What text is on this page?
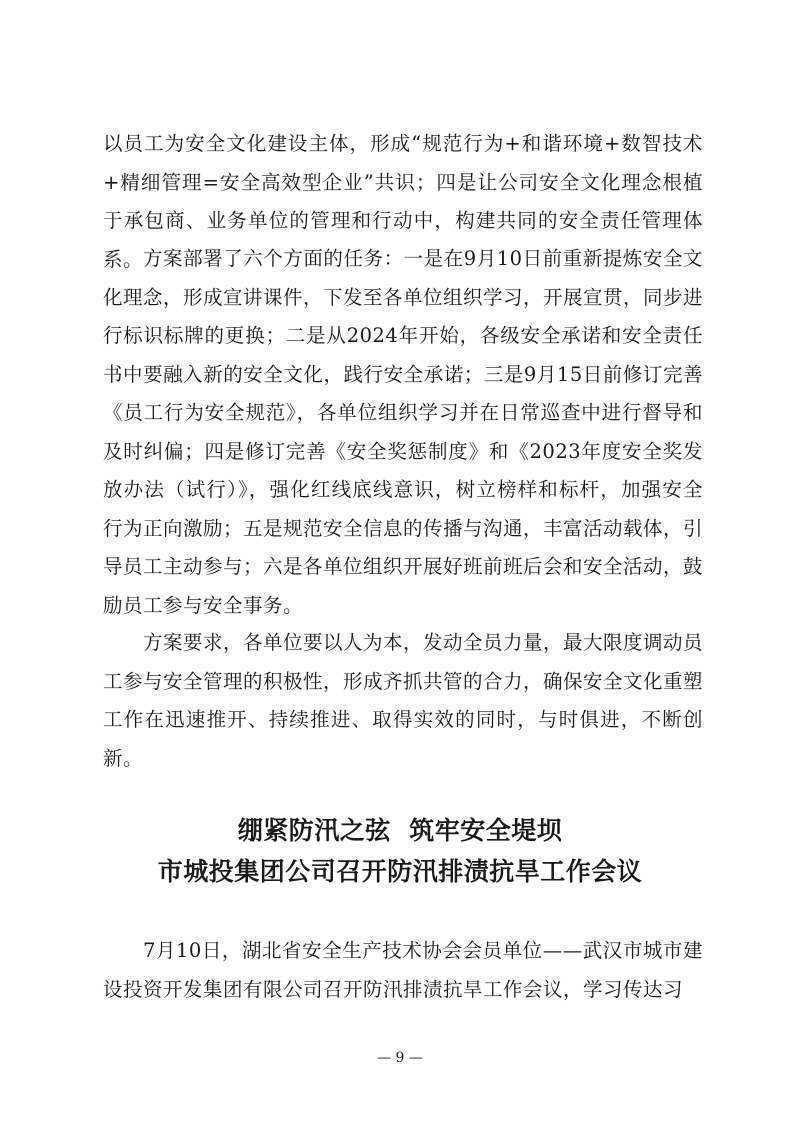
以员工为安全文化建设主体，形成“规范行为+和谐环境+数智技术+精细管理=安全高效型企业”共识；四是让公司安全文化理念根植于承包商、业务单位的管理和行动中，构建共同的安全责任管理体系。 方案部署了六个方面的任务：一是在9月10日前重新提炼安全文化理念，形成宣讲课件，下发至各单位组织学习，开展宣贯，同步进行标识标牌的更换；二是从2024年开始，各级安全承诺和安全责任书中要融入新的安全文化，践行安全承诺；三是9月15日前修订完善《员工行为安全规范》，各单位组织学习并在日常巡查中进行督导和及时纠偏；四是修订完善《安全奖惩制度》和《2023年度安全奖发放办法（试行）》，强化红线底线意识，树立榜样和标杆，加强安全行为正向激励；五是规范安全信息的传播与沟通，丰富活动载体，引导员工主动参与；六是各单位组织开展好班前班后会和安全活动，鼓励员工参与安全事务。

方案要求，各单位要以人为本，发动全员力量，最大限度调动员工参与安全管理的积极性，形成齐抓共管的合力，确保安全文化重塑工作在迅速推开、持续推进、取得实效的同时，与时俱进，不断创新。

绷紧防汛之弦  筑牢安全堤坝
市城投集团公司召开防汛排渍抗旱工作会议

7月10日，湖北省安全生产技术协会会员单位——武汉市城市建设投资开发集团有限公司召开防汛排渍抗旱工作会议，学习传达习

— 9 —
